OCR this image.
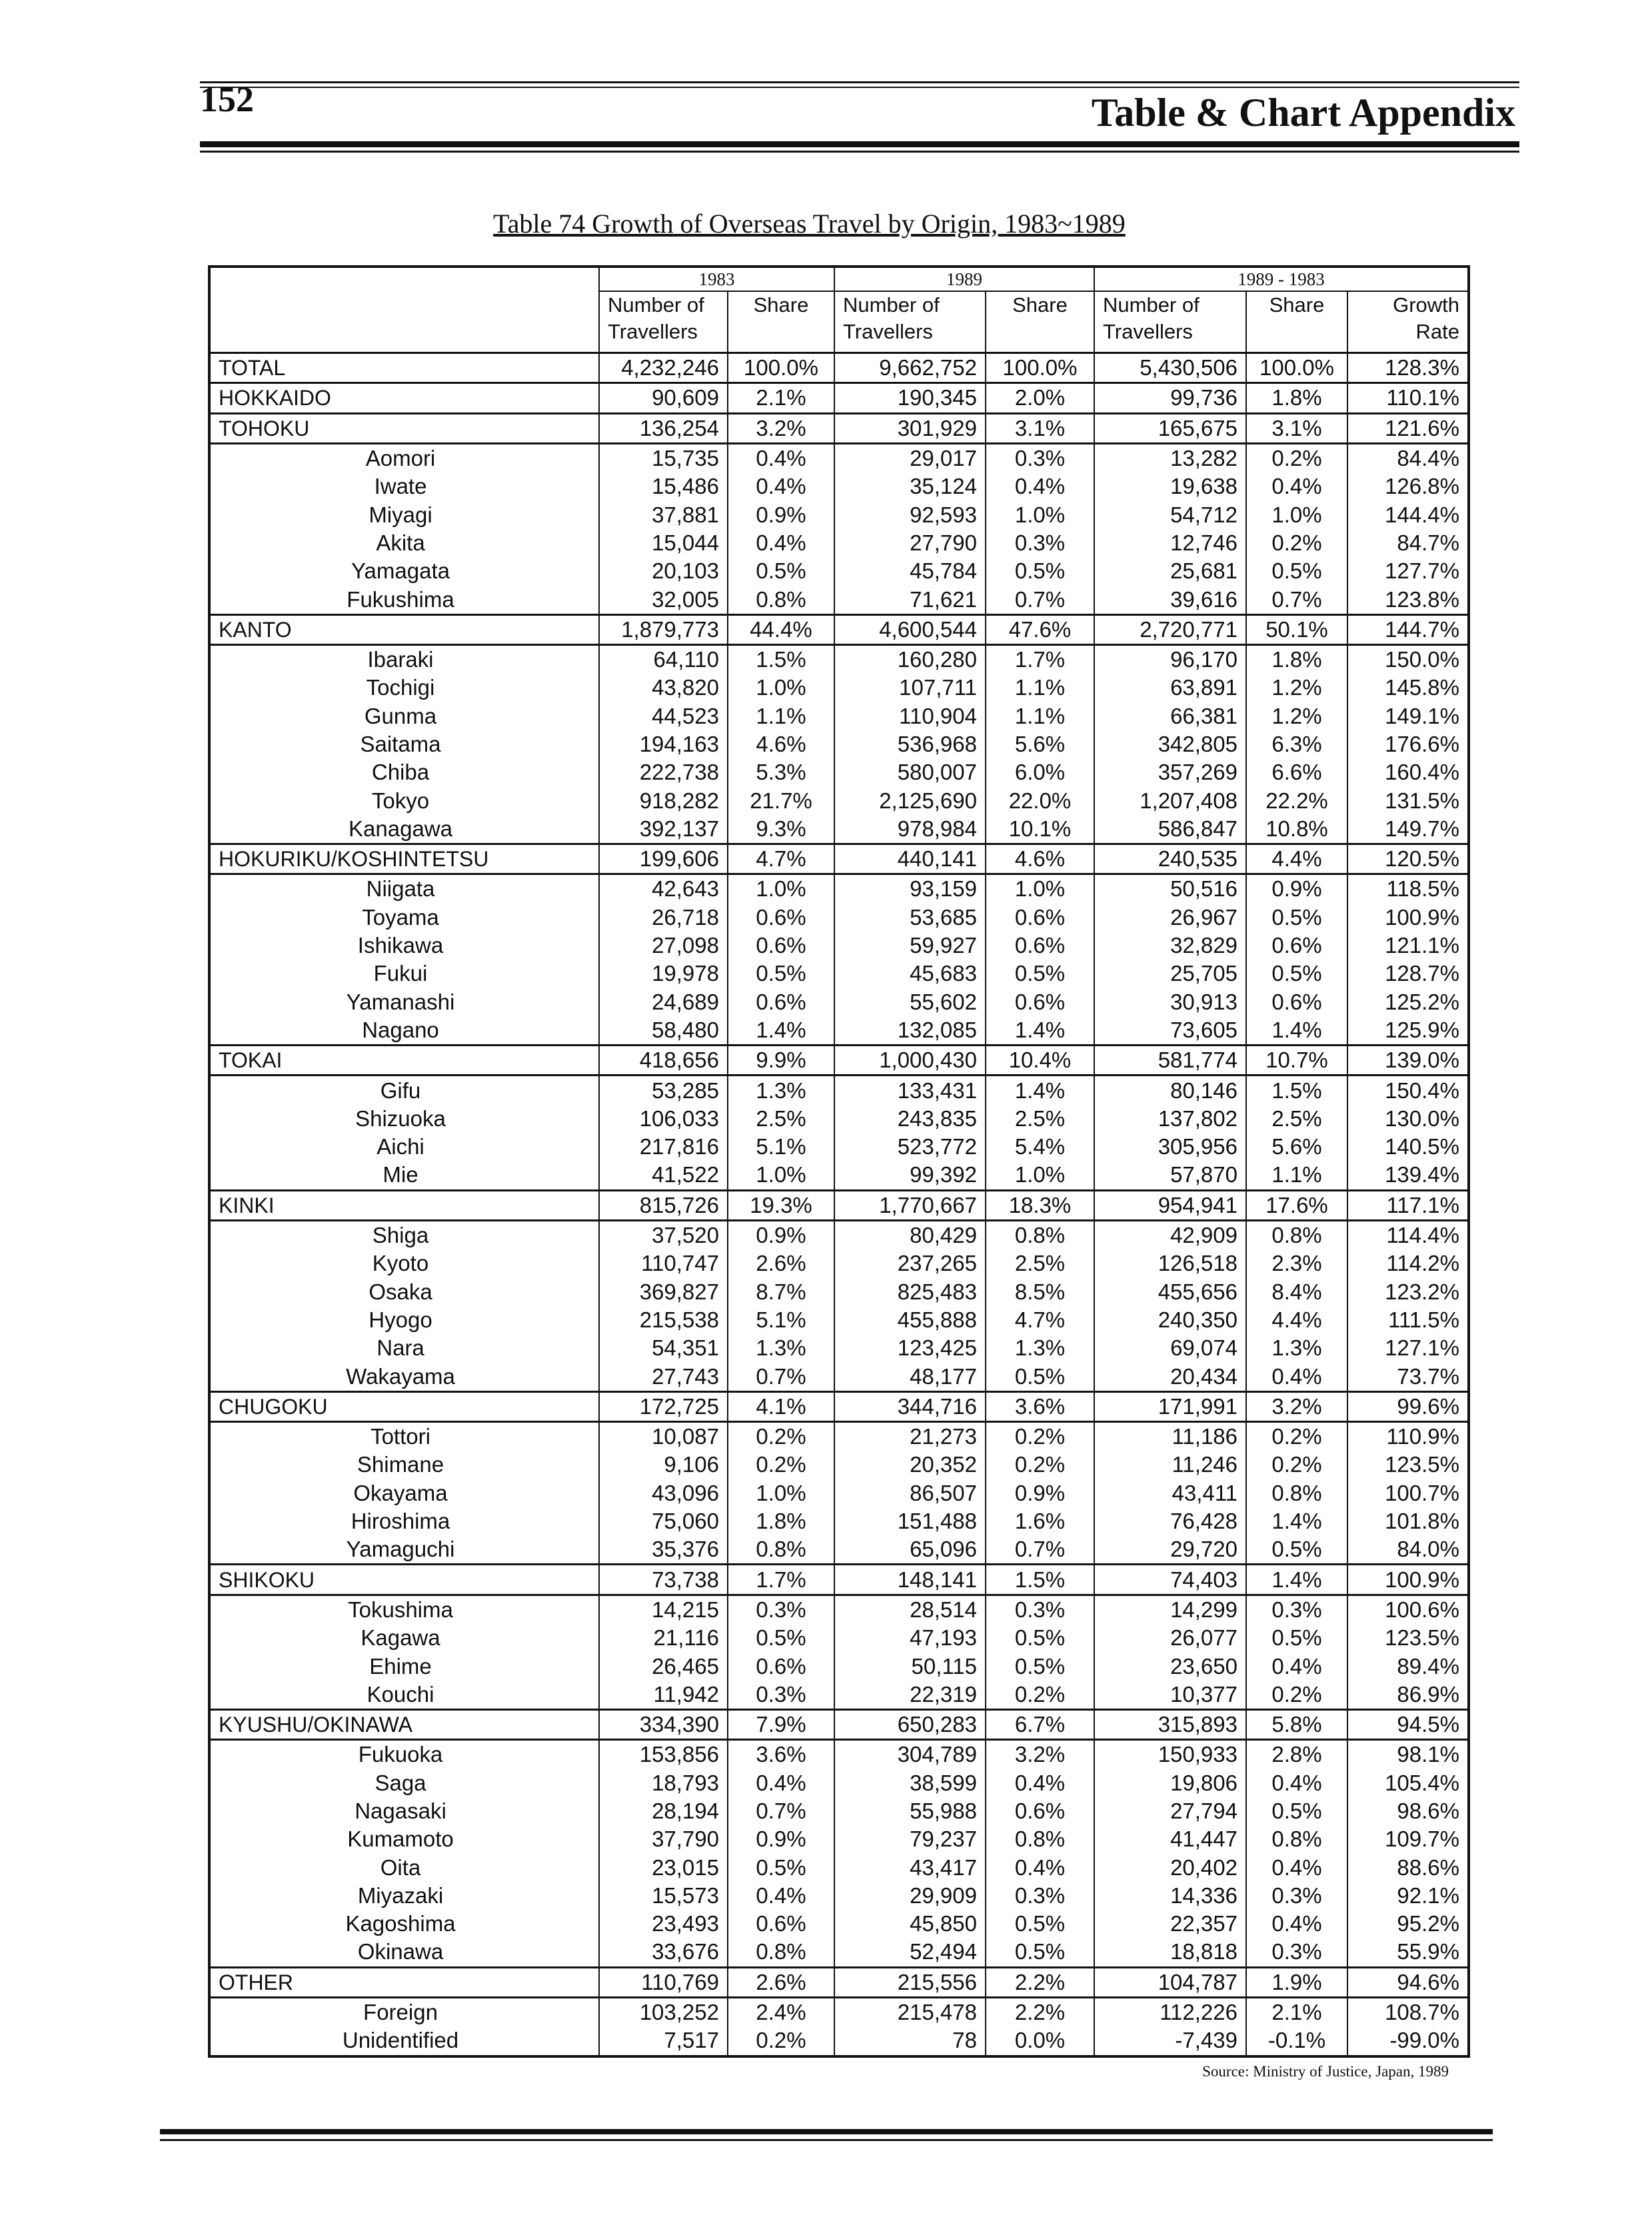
152	Table & Chart Appendix
Table 74 Growth of Overseas Travel by Origin, 1983~1989
	1983		1989		1989 - 1983		
	Number of Travellers	Share	Number of Travellers	Share	Number of Travellers	Share	Growth Rate
TOTAL	4,232,246	100.0%	9,662,752	100.0%	5,430,506	100.0%	128.3%
HOKKAIDO	90,609	2.1%	190,345	2.0%	99,736	1.8%	110.1%
TOHOKU	136,254	3.2%	301,929	3.1%	165,675	3.1%	121.6%
Aomori	15,735	0.4%	29,017	0.3%	13,282	0.2%	84.4%
Iwate	15,486	0.4%	35,124	0.4%	19,638	0.4%	126.8%
Miyagi	37,881	0.9%	92,593	1.0%	54,712	1.0%	144.4%
Akita	15,044	0.4%	27,790	0.3%	12,746	0.2%	84.7%
Yamagata	20,103	0.5%	45,784	0.5%	25,681	0.5%	127.7%
Fukushima	32,005	0.8%	71,621	0.7%	39,616	0.7%	123.8%
KANTO	1,879,773	44.4%	4,600,544	47.6%	2,720,771	50.1%	144.7%
Ibaraki	64,110	1.5%	160,280	1.7%	96,170	1.8%	150.0%
Tochigi	43,820	1.0%	107,711	1.1%	63,891	1.2%	145.8%
Gunma	44,523	1.1%	110,904	1.1%	66,381	1.2%	149.1%
Saitama	194,163	4.6%	536,968	5.6%	342,805	6.3%	176.6%
Chiba	222,738	5.3%	580,007	6.0%	357,269	6.6%	160.4%
Tokyo	918,282	21.7%	2,125,690	22.0%	1,207,408	22.2%	131.5%
Kanagawa	392,137	9.3%	978,984	10.1%	586,847	10.8%	149.7%
HOKURIKU/KOSHINTETSU	199,606	4.7%	440,141	4.6%	240,535	4.4%	120.5%
Niigata	42,643	1.0%	93,159	1.0%	50,516	0.9%	118.5%
Toyama	26,718	0.6%	53,685	0.6%	26,967	0.5%	100.9%
Ishikawa	27,098	0.6%	59,927	0.6%	32,829	0.6%	121.1%
Fukui	19,978	0.5%	45,683	0.5%	25,705	0.5%	128.7%
Yamanashi	24,689	0.6%	55,602	0.6%	30,913	0.6%	125.2%
Nagano	58,480	1.4%	132,085	1.4%	73,605	1.4%	125.9%
TOKAI	418,656	9.9%	1,000,430	10.4%	581,774	10.7%	139.0%
Gifu	53,285	1.3%	133,431	1.4%	80,146	1.5%	150.4%
Shizuoka	106,033	2.5%	243,835	2.5%	137,802	2.5%	130.0%
Aichi	217,816	5.1%	523,772	5.4%	305,956	5.6%	140.5%
Mie	41,522	1.0%	99,392	1.0%	57,870	1.1%	139.4%
KINKI	815,726	19.3%	1,770,667	18.3%	954,941	17.6%	117.1%
Shiga	37,520	0.9%	80,429	0.8%	42,909	0.8%	114.4%
Kyoto	110,747	2.6%	237,265	2.5%	126,518	2.3%	114.2%
Osaka	369,827	8.7%	825,483	8.5%	455,656	8.4%	123.2%
Hyogo	215,538	5.1%	455,888	4.7%	240,350	4.4%	111.5%
Nara	54,351	1.3%	123,425	1.3%	69,074	1.3%	127.1%
Wakayama	27,743	0.7%	48,177	0.5%	20,434	0.4%	73.7%
CHUGOKU	172,725	4.1%	344,716	3.6%	171,991	3.2%	99.6%
Tottori	10,087	0.2%	21,273	0.2%	11,186	0.2%	110.9%
Shimane	9,106	0.2%	20,352	0.2%	11,246	0.2%	123.5%
Okayama	43,096	1.0%	86,507	0.9%	43,411	0.8%	100.7%
Hiroshima	75,060	1.8%	151,488	1.6%	76,428	1.4%	101.8%
Yamaguchi	35,376	0.8%	65,096	0.7%	29,720	0.5%	84.0%
SHIKOKU	73,738	1.7%	148,141	1.5%	74,403	1.4%	100.9%
Tokushima	14,215	0.3%	28,514	0.3%	14,299	0.3%	100.6%
Kagawa	21,116	0.5%	47,193	0.5%	26,077	0.5%	123.5%
Ehime	26,465	0.6%	50,115	0.5%	23,650	0.4%	89.4%
Kouchi	11,942	0.3%	22,319	0.2%	10,377	0.2%	86.9%
KYUSHU/OKINAWA	334,390	7.9%	650,283	6.7%	315,893	5.8%	94.5%
Fukuoka	153,856	3.6%	304,789	3.2%	150,933	2.8%	98.1%
Saga	18,793	0.4%	38,599	0.4%	19,806	0.4%	105.4%
Nagasaki	28,194	0.7%	55,988	0.6%	27,794	0.5%	98.6%
Kumamoto	37,790	0.9%	79,237	0.8%	41,447	0.8%	109.7%
Oita	23,015	0.5%	43,417	0.4%	20,402	0.4%	88.6%
Miyazaki	15,573	0.4%	29,909	0.3%	14,336	0.3%	92.1%
Kagoshima	23,493	0.6%	45,850	0.5%	22,357	0.4%	95.2%
Okinawa	33,676	0.8%	52,494	0.5%	18,818	0.3%	55.9%
OTHER	110,769	2.6%	215,556	2.2%	104,787	1.9%	94.6%
Foreign	103,252	2.4%	215,478	2.2%	112,226	2.1%	108.7%
Unidentified	7,517	0.2%	78	0.0%	-7,439	-0.1%	-99.0%
Source: Ministry of Justice, Japan, 1989
